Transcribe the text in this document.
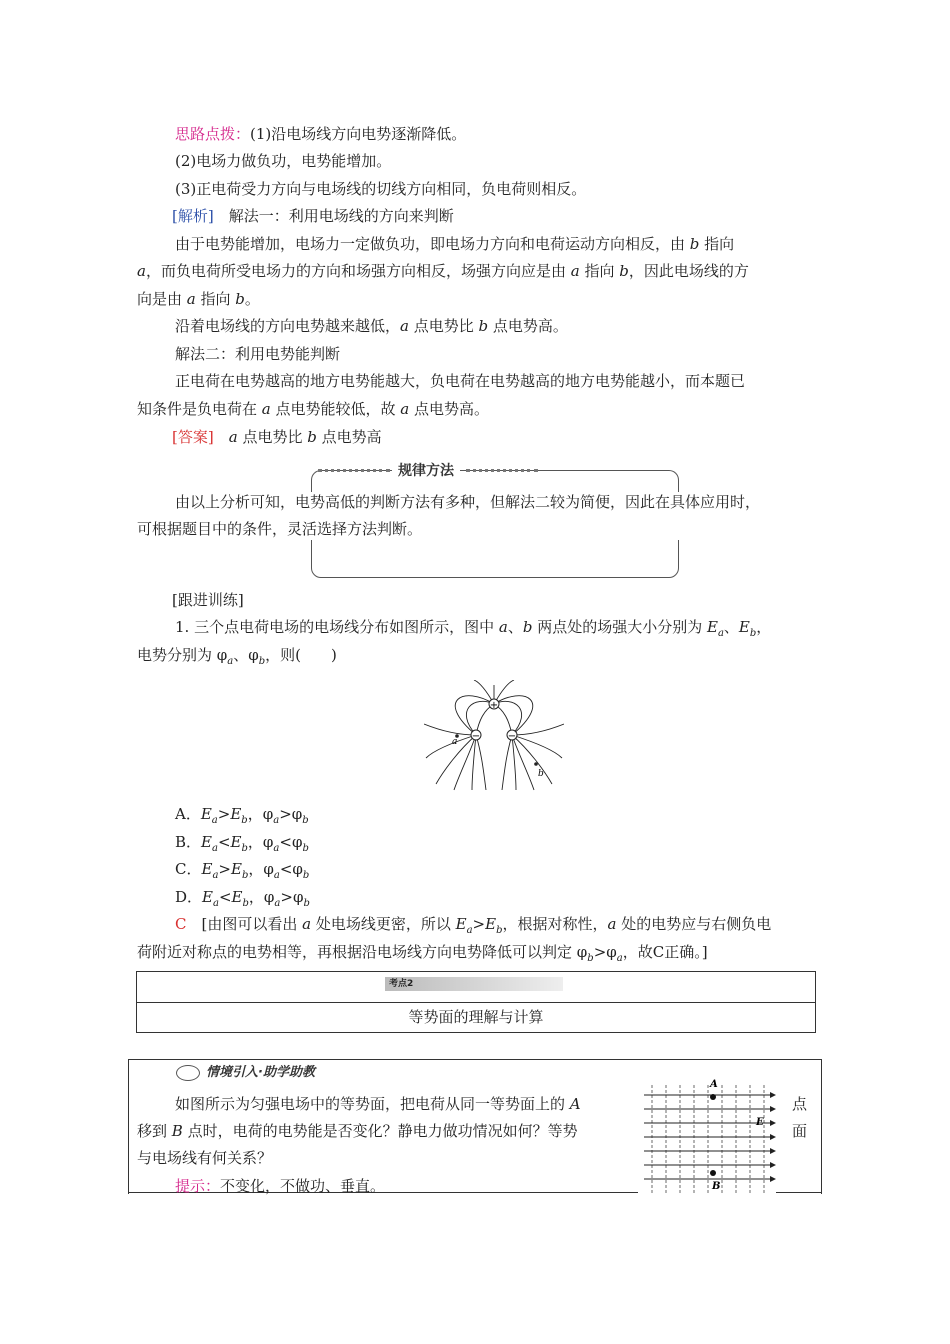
思路点拨：(1)沿电场线方向电势逐渐降低。
(2)电场力做负功，电势能增加。
(3)正电荷受力方向与电场线的切线方向相同，负电荷则相反。
[解析]　 解法一：利用电场线的方向来判断
由于电势能增加，电场力一定做负功，即电场力方向和电荷运动方向相反，由 b 指向
a，而负电荷所受电场力的方向和场强方向相反，场强方向应是由 a 指向 b，因此电场线的方
向是由 a 指向 b。
沿着电场线的方向电势越来越低，a 点电势比 b 点电势高。
解法二：利用电势能判断
正电荷在电势越高的地方电势能越大，负电荷在电势越高的地方电势能越小，而本题已
知条件是负电荷在 a 点电势能较低，故 a 点电势高。
[答案]　 a 点电势比 b 点电势高
规律方法
由以上分析可知，电势高低的判断方法有多种，但解法二较为简便，因此在具体应用时，
可根据题目中的条件，灵活选择方法判断。
[跟进训练]
1. 三个点电荷电场的电场线分布如图所示，图中 a、b 两点处的场强大小分别为 $E_a$、$E_b$，
电势分别为 $\varphi_a$、$\varphi_b$，则(　　)
+
−	−
a
b
A．$E_a>E_b$，$\varphi_a>\varphi_b$
B．$E_a<E_b$，$\varphi_a<\varphi_b$
C．$E_a>E_b$，$\varphi_a<\varphi_b$
D．$E_a<E_b$，$\varphi_a>\varphi_b$
C　 [由图可以看出 a 处电场线更密，所以 $E_a>E_b$，根据对称性，a 处的电势应与右侧负电
荷附近对称点的电势相等，再根据沿电场线方向电势降低可以判定 $\varphi_b>\varphi_a$，故C正确。]
考点2
等势面的理解与计算
情境引入·助学助教
如图所示为匀强电场中的等势面，把电荷从同一等势面上的 A
移到 B 点时，电荷的电势能是否变化？静电力做功情况如何？等势
与电场线有何关系？
提示：不变化，不做功、垂直。
点
面
A
B
E
